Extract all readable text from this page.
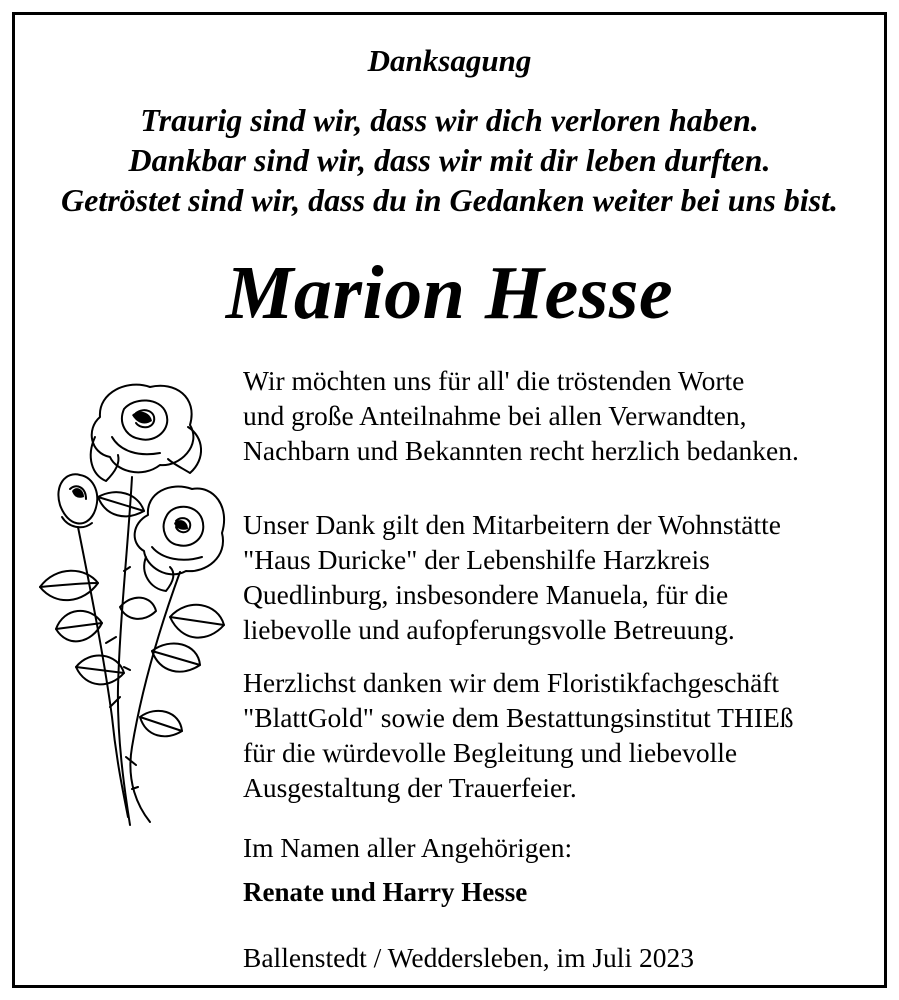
Danksagung
Traurig sind wir, dass wir dich verloren haben.
Dankbar sind wir, dass wir mit dir leben durften.
Getröstet sind wir, dass du in Gedanken weiter bei uns bist.
Marion Hesse
Wir möchten uns für all' die tröstenden Worte
und große Anteilnahme bei allen Verwandten,
Nachbarn und Bekannten recht herzlich bedanken.
Unser Dank gilt den Mitarbeitern der Wohnstätte
"Haus Duricke" der Lebenshilfe Harzkreis
Quedlinburg, insbesondere Manuela, für die
liebevolle und aufopferungsvolle Betreuung.
Herzlichst danken wir dem Floristikfachgeschäft
"BlattGold" sowie dem Bestattungsinstitut THIEß
für die würdevolle Begleitung und liebevolle
Ausgestaltung der Trauerfeier.

Im Namen aller Angehörigen:

Renate und Harry Hesse

Ballenstedt / Weddersleben, im Juli 2023
